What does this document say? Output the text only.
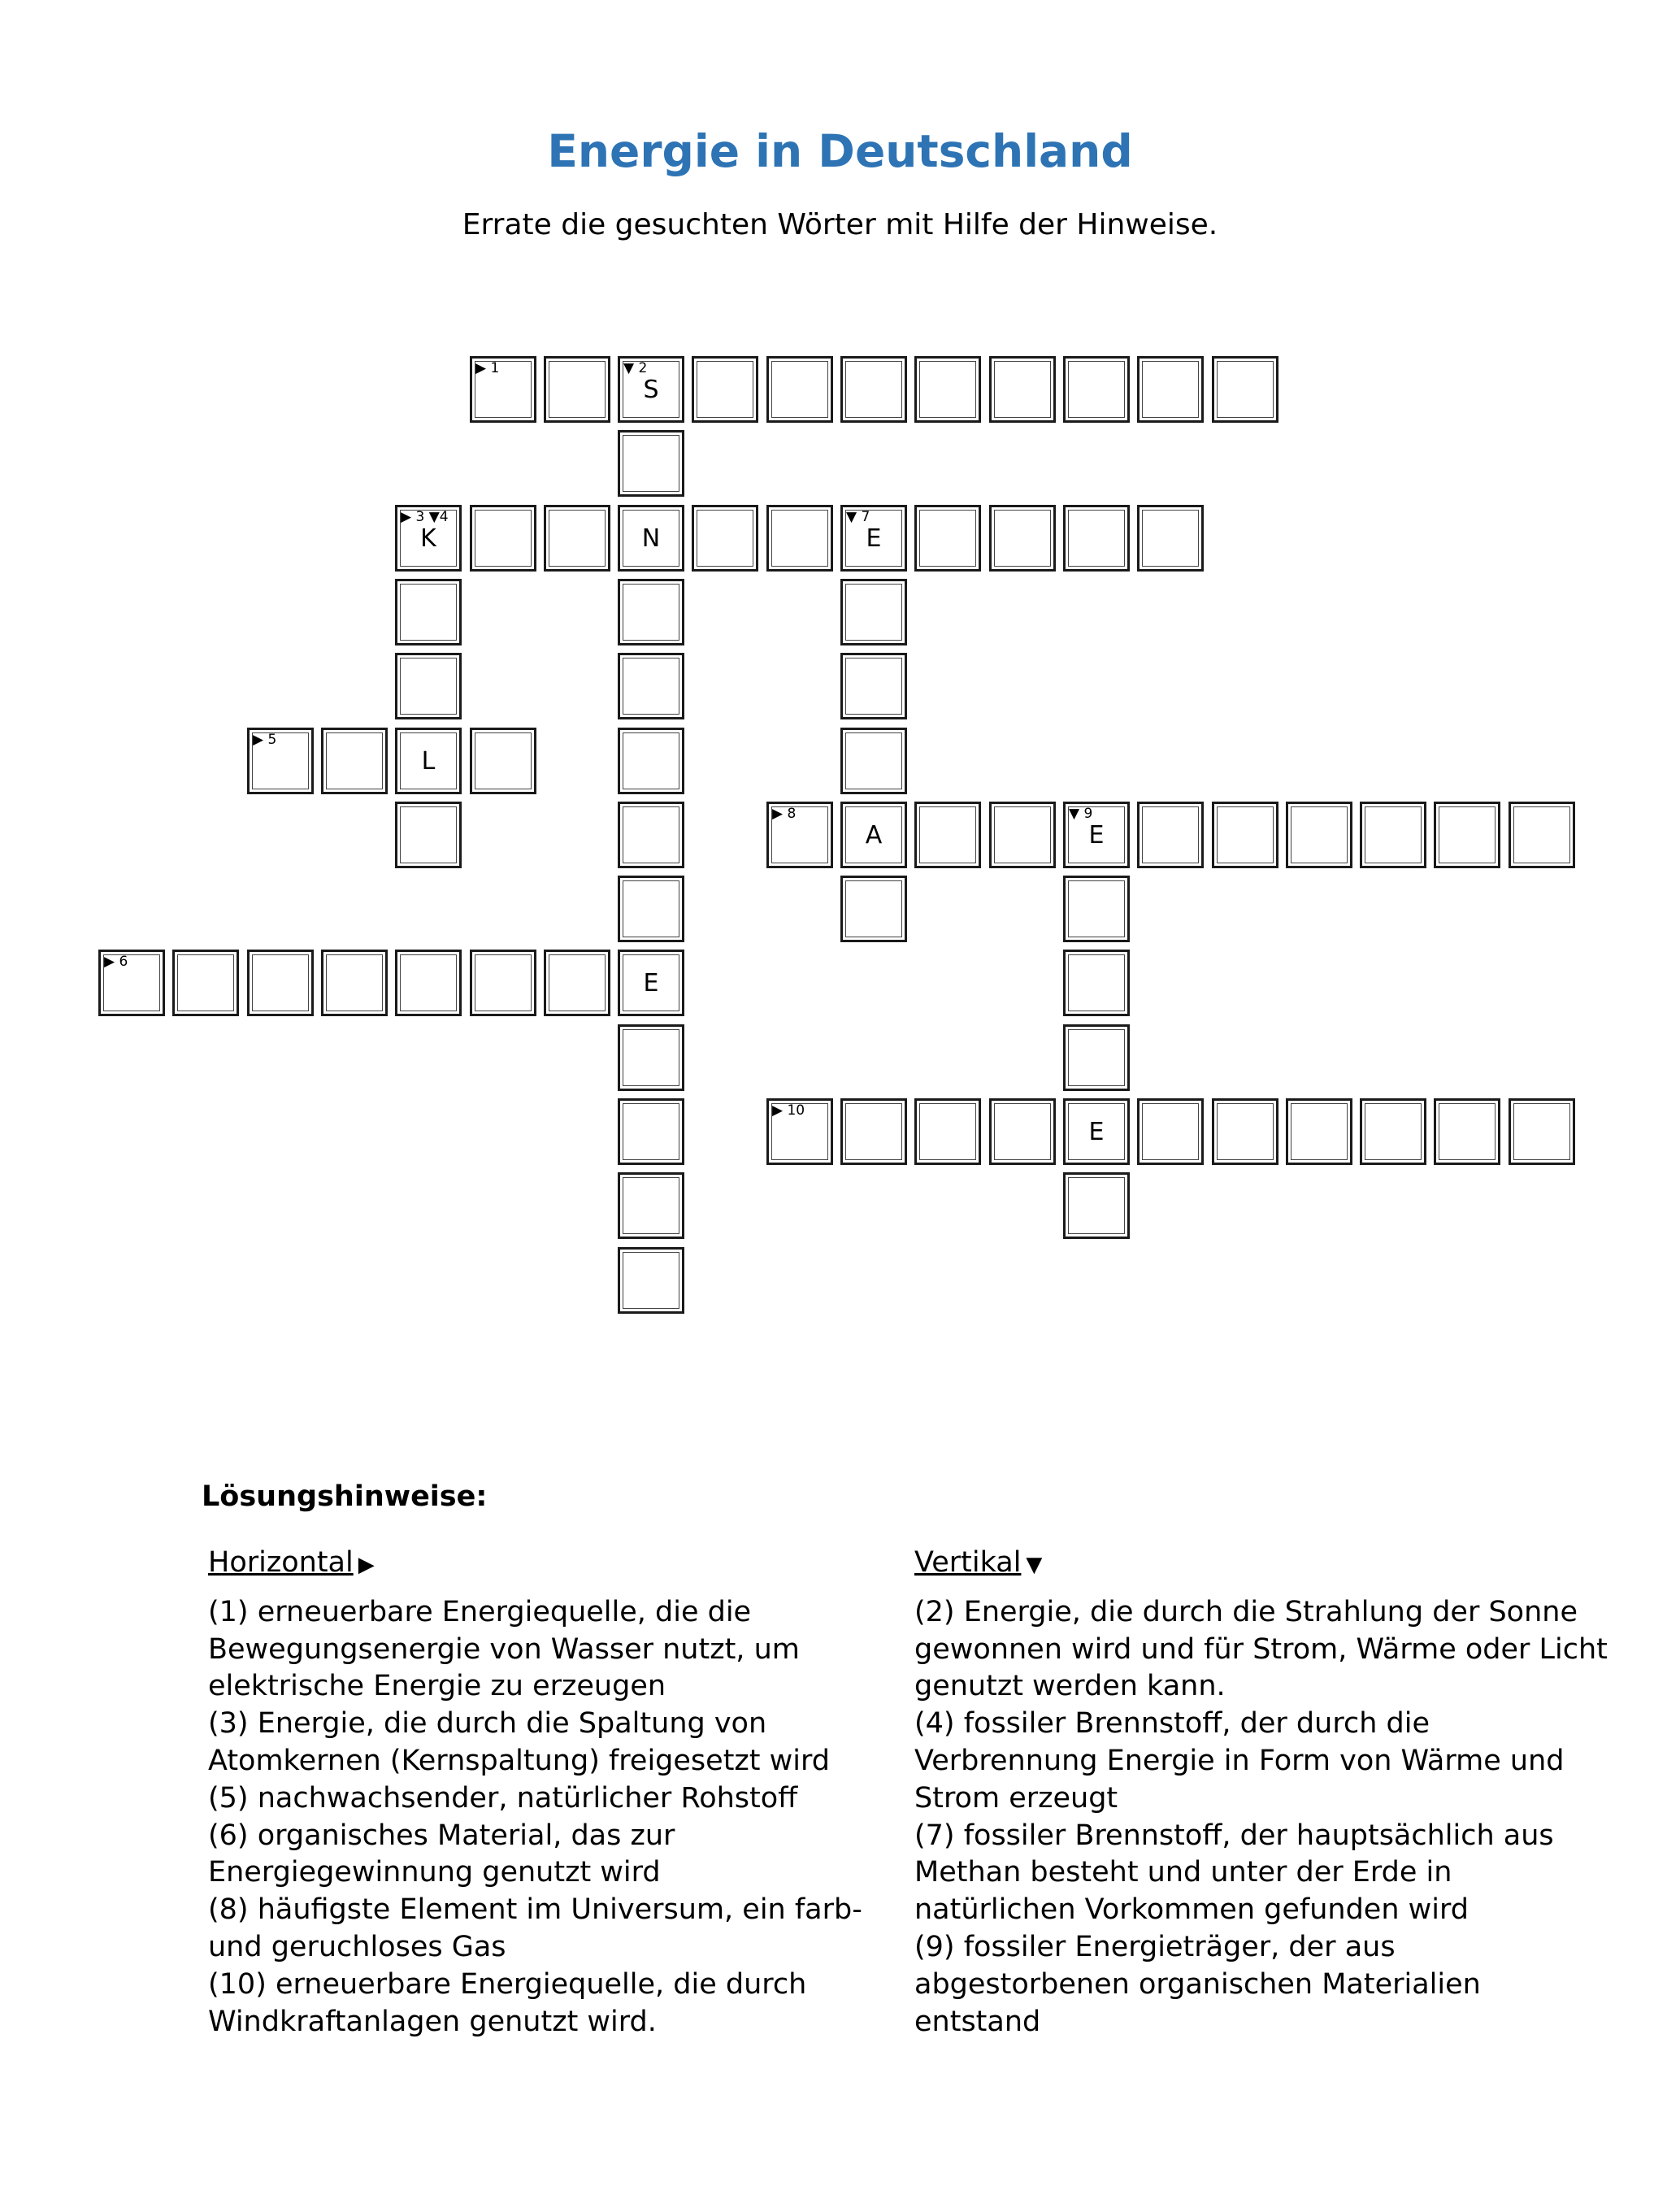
Energie in Deutschland

Errate die gesuchten Wörter mit Hilfe der Hinweise.

▶ 1	▼ 2
S
▶ 3 ▼4
K	N
▼ 7
E
▶ 5
L
▶ 8
A
▼ 9
E
▶ 6
E
▶ 10
E
Lösungshinweise:
Horizontal ▶
(1) erneuerbare Energiequelle, die die Bewegungsenergie von Wasser nutzt, um elektrische Energie zu erzeugen
(3) Energie, die durch die Spaltung von Atomkernen (Kernspaltung) freigesetzt wird
(5) nachwachsender, natürlicher Rohstoff
(6) organisches Material, das zur Energiegewinnung genutzt wird
(8) häufigste Element im Universum, ein farb- und geruchloses Gas
(10) erneuerbare Energiequelle, die durch Windkraftanlagen genutzt wird.
Vertikal ▼
(2) Energie, die durch die Strahlung der Sonne gewonnen wird und für Strom, Wärme oder Licht genutzt werden kann.
(4) fossiler Brennstoff, der durch die Verbrennung Energie in Form von Wärme und Strom erzeugt
(7) fossiler Brennstoff, der hauptsächlich aus Methan besteht und unter der Erde in natürlichen Vorkommen gefunden wird
(9) fossiler Energieträger, der aus abgestorbenen organischen Materialien entstand
